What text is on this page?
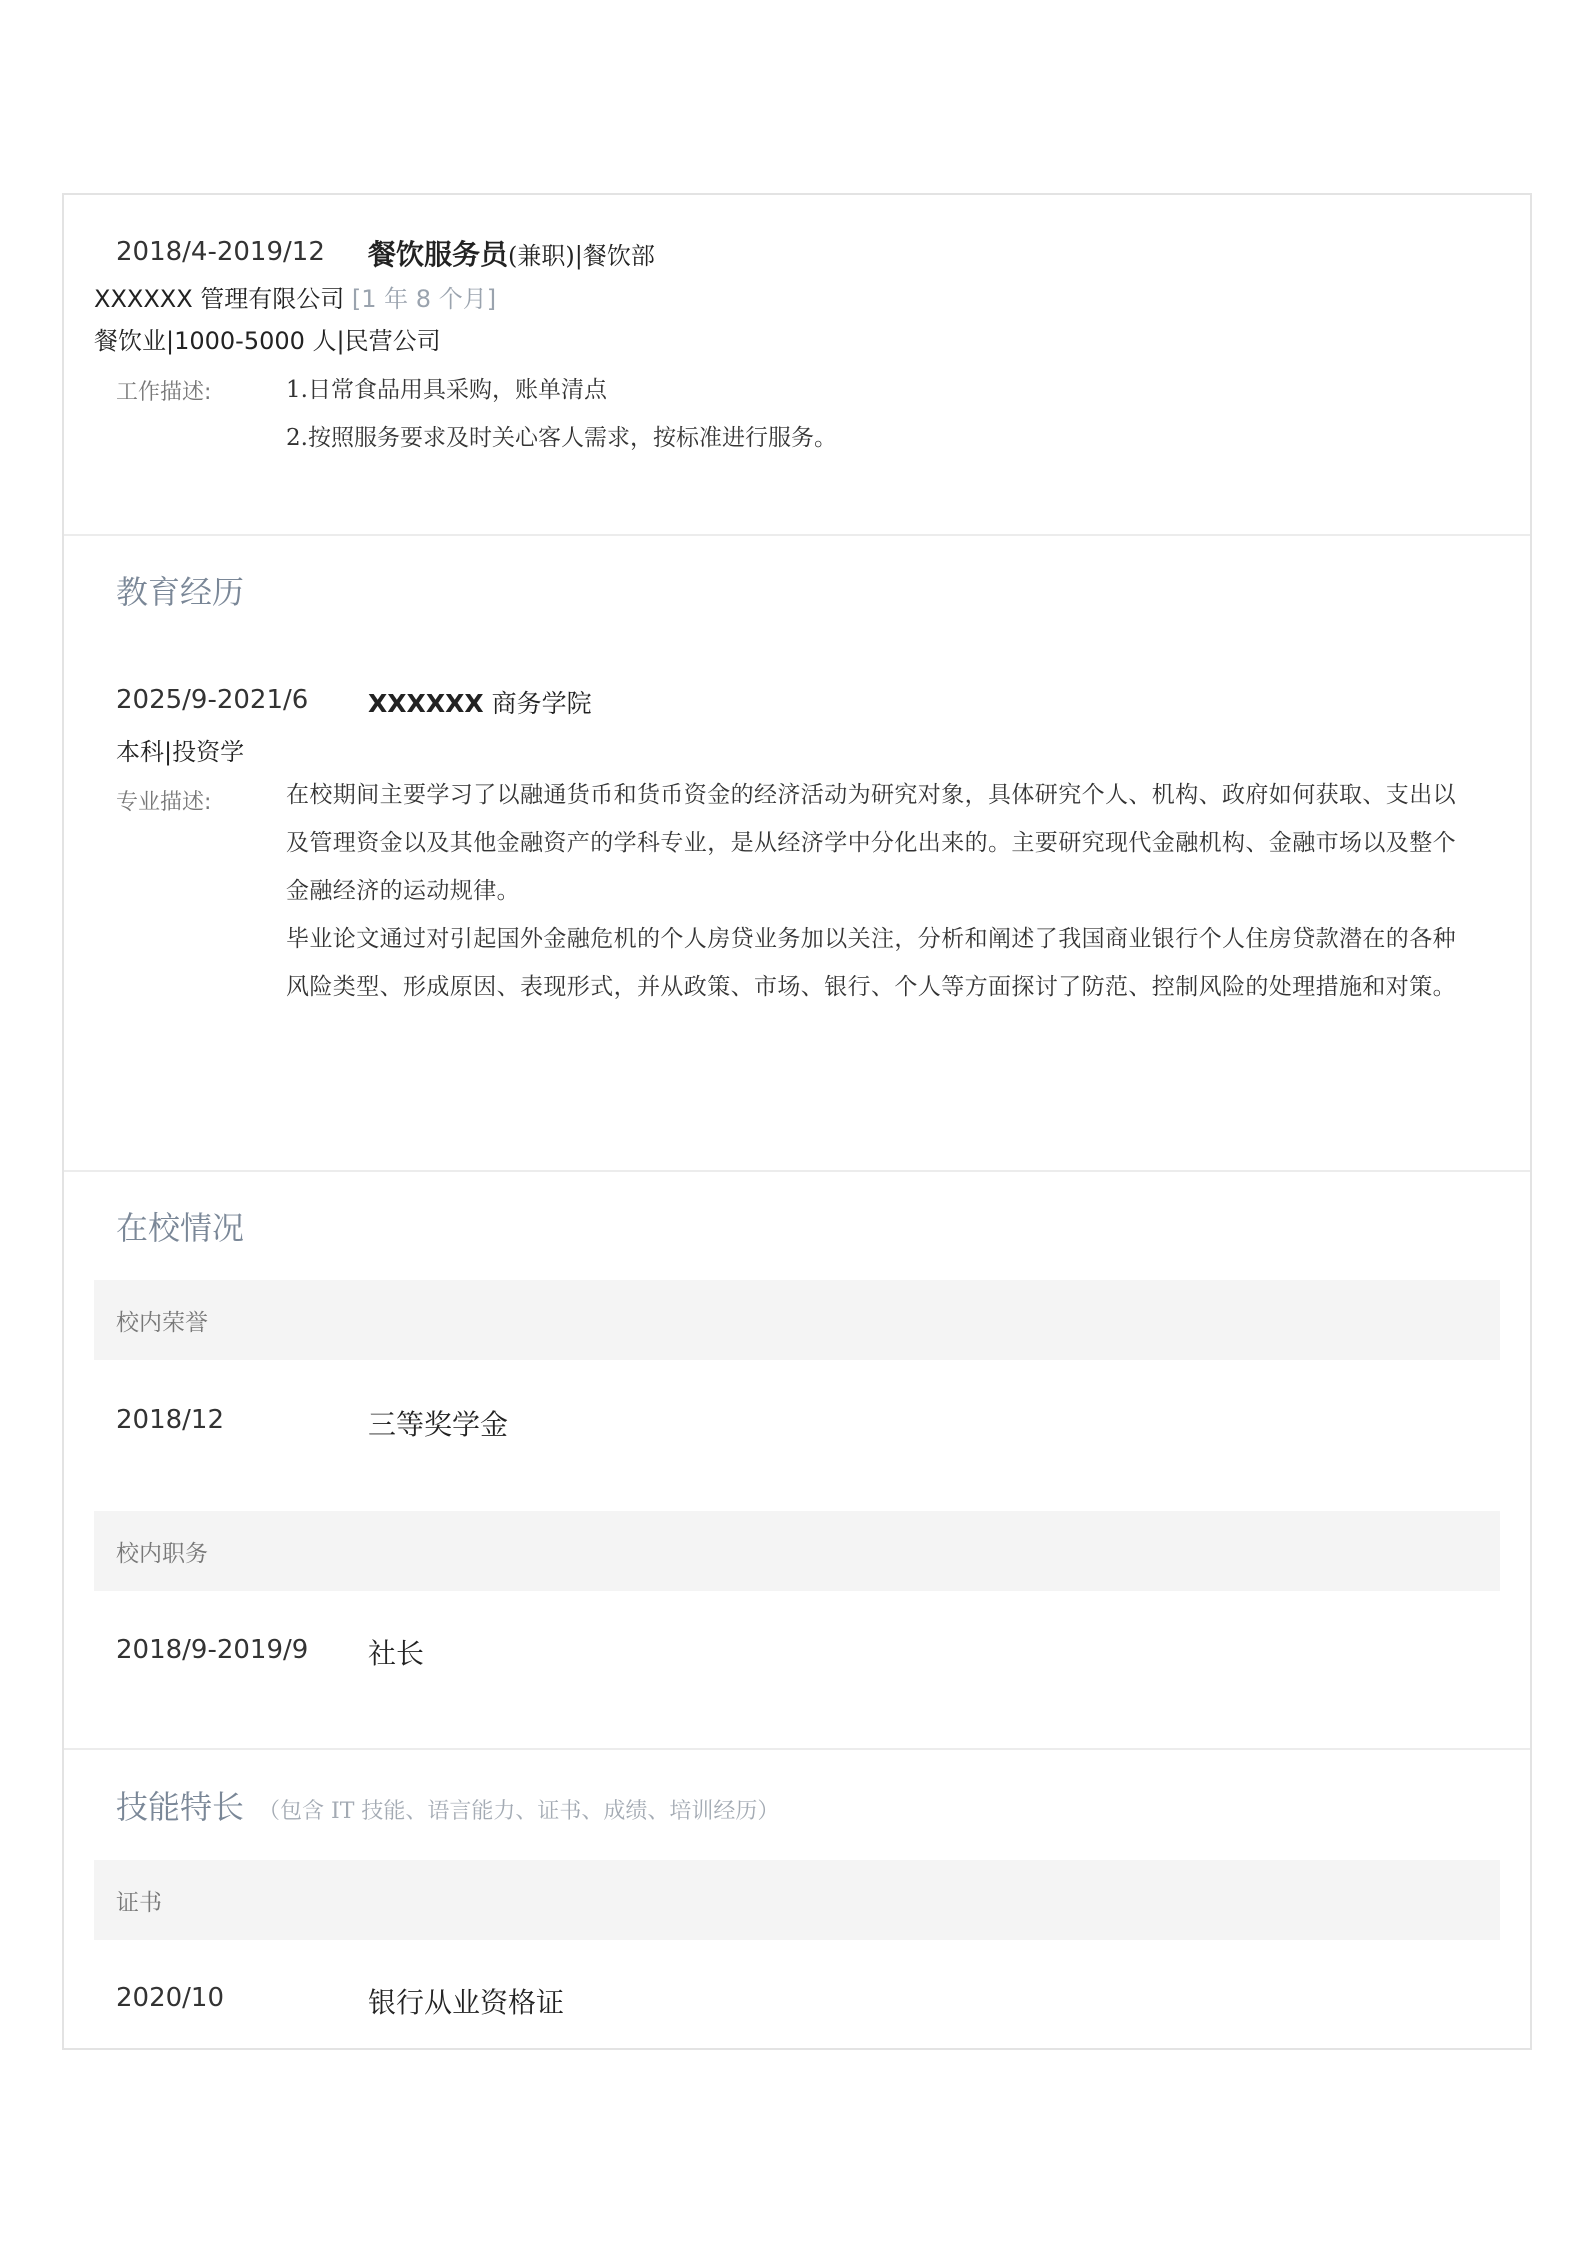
2018/4-2019/12 餐饮服务员(兼职)|餐饮部
XXXXXX 管理有限公司 [1 年 8 个月]
餐饮业|1000-5000 人|民营公司
工作描述:	1.日常食品用具采购，账单清点
2.按照服务要求及时关心客人需求，按标准进行服务。
教育经历
2025/9-2021/6 XXXXXX 商务学院
本科|投资学
专业描述:	在校期间主要学习了以融通货币和货币资金的经济活动为研究对象，具体研究个人、机构、政府如何获取、支出以及管理资金以及其他金融资产的学科专业，是从经济学中分化出来的。主要研究现代金融机构、金融市场以及整个金融经济的运动规律。
毕业论文通过对引起国外金融危机的个人房贷业务加以关注，分析和阐述了我国商业银行个人住房贷款潜在的各种风险类型、形成原因、表现形式，并从政策、市场、银行、个人等方面探讨了防范、控制风险的处理措施和对策。
在校情况
校内荣誉
2018/12	三等奖学金
校内职务
2018/9-2019/9 社长
技能特长 （包含 IT 技能、语言能力、证书、成绩、培训经历）
证书
2020/10	银行从业资格证
